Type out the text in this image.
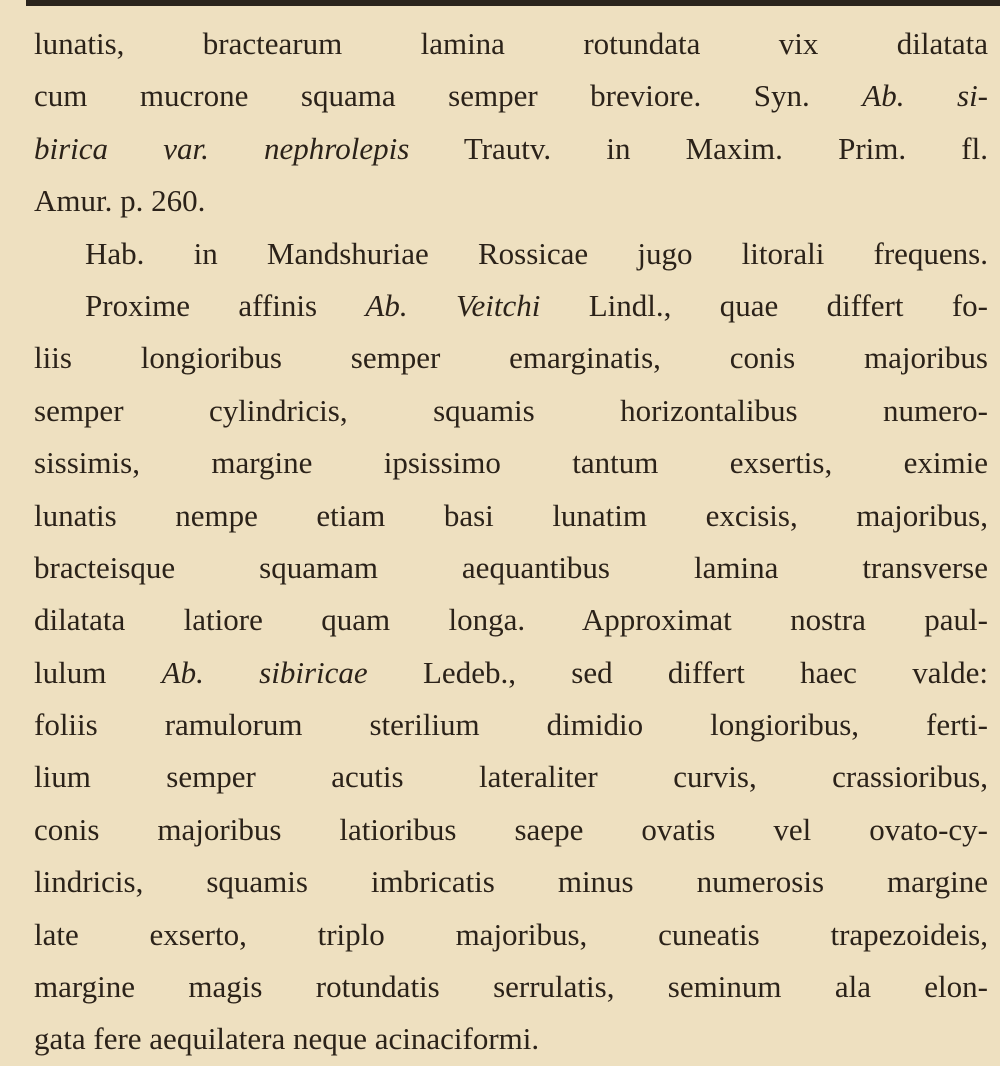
lunatis, bractearum lamina rotundata vix dilatata
cum mucrone squama semper breviore. Syn. Ab. si-
birica var. nephrolepis Trautv. in Maxim. Prim. fl.
Amur. p. 260.
Hab. in Mandshuriae Rossicae jugo litorali frequens.
Proxime affinis Ab. Veitchi Lindl., quae differt fo-
liis longioribus semper emarginatis, conis majoribus
semper cylindricis, squamis horizontalibus numero-
sissimis, margine ipsissimo tantum exsertis, eximie
lunatis nempe etiam basi lunatim excisis, majoribus,
bracteisque squamam aequantibus lamina transverse
dilatata latiore quam longa. Approximat nostra paul-
lulum Ab. sibiricae Ledeb., sed differt haec valde:
foliis ramulorum sterilium dimidio longioribus, ferti-
lium semper acutis lateraliter curvis, crassioribus,
conis majoribus latioribus saepe ovatis vel ovato-cy-
lindricis, squamis imbricatis minus numerosis margine
late exserto, triplo majoribus, cuneatis trapezoideis,
margine magis rotundatis serrulatis, seminum ala elon-
gata fere aequilatera neque acinaciformi.
